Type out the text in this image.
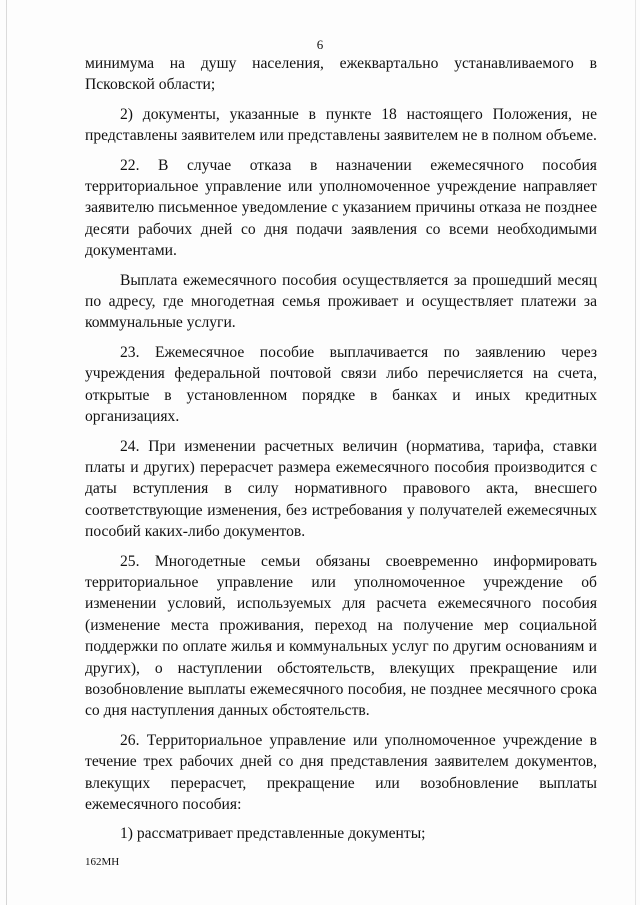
6

минимума на душу населения, ежеквартально устанавливаемого в Псковской области;

2) документы, указанные в пункте 18 настоящего Положения, не представлены заявителем или представлены заявителем не в полном объеме.

22. В случае отказа в назначении ежемесячного пособия территориальное управление или уполномоченное учреждение направляет заявителю письменное уведомление с указанием причины отказа не позднее десяти рабочих дней со дня подачи заявления со всеми необходимыми документами.

Выплата ежемесячного пособия осуществляется за прошедший месяц по адресу, где многодетная семья проживает и осуществляет платежи за коммунальные услуги.

23. Ежемесячное пособие выплачивается по заявлению через учреждения федеральной почтовой связи либо перечисляется на счета, открытые в установленном порядке в банках и иных кредитных организациях.

24. При изменении расчетных величин (норматива, тарифа, ставки платы и других) перерасчет размера ежемесячного пособия производится с даты вступления в силу нормативного правового акта, внесшего соответствующие изменения, без истребования у получателей ежемесячных пособий каких-либо документов.

25. Многодетные семьи обязаны своевременно информировать территориальное управление или уполномоченное учреждение об изменении условий, используемых для расчета ежемесячного пособия (изменение места проживания, переход на получение мер социальной поддержки по оплате жилья и коммунальных услуг по другим основаниям и других), о наступлении обстоятельств, влекущих прекращение или возобновление выплаты ежемесячного пособия, не позднее месячного срока со дня наступления данных обстоятельств.

26. Территориальное управление или уполномоченное учреждение в течение трех рабочих дней со дня представления заявителем документов, влекущих перерасчет, прекращение или возобновление выплаты ежемесячного пособия:

1) рассматривает представленные документы;

162МН
